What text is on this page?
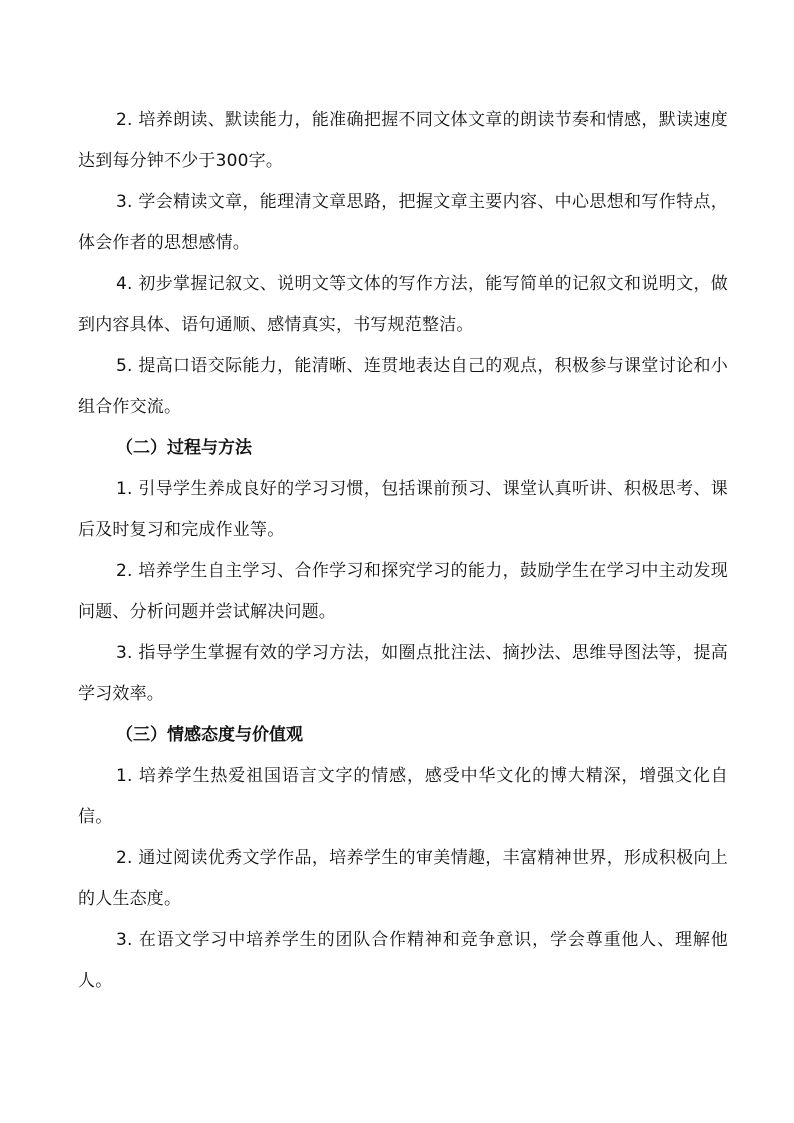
2. 培养朗读、默读能力，能准确把握不同文体文章的朗读节奏和情感，默读速度达到每分钟不少于300字。

3. 学会精读文章，能理清文章思路，把握文章主要内容、中心思想和写作特点，体会作者的思想感情。

4. 初步掌握记叙文、说明文等文体的写作方法，能写简单的记叙文和说明文，做到内容具体、语句通顺、感情真实，书写规范整洁。

5. 提高口语交际能力，能清晰、连贯地表达自己的观点，积极参与课堂讨论和小组合作交流。

（二）过程与方法

1. 引导学生养成良好的学习习惯，包括课前预习、课堂认真听讲、积极思考、课后及时复习和完成作业等。

2. 培养学生自主学习、合作学习和探究学习的能力，鼓励学生在学习中主动发现问题、分析问题并尝试解决问题。

3. 指导学生掌握有效的学习方法，如圈点批注法、摘抄法、思维导图法等，提高学习效率。

（三）情感态度与价值观

1. 培养学生热爱祖国语言文字的情感，感受中华文化的博大精深，增强文化自信。

2. 通过阅读优秀文学作品，培养学生的审美情趣，丰富精神世界，形成积极向上的人生态度。

3. 在语文学习中培养学生的团队合作精神和竞争意识，学会尊重他人、理解他人。
